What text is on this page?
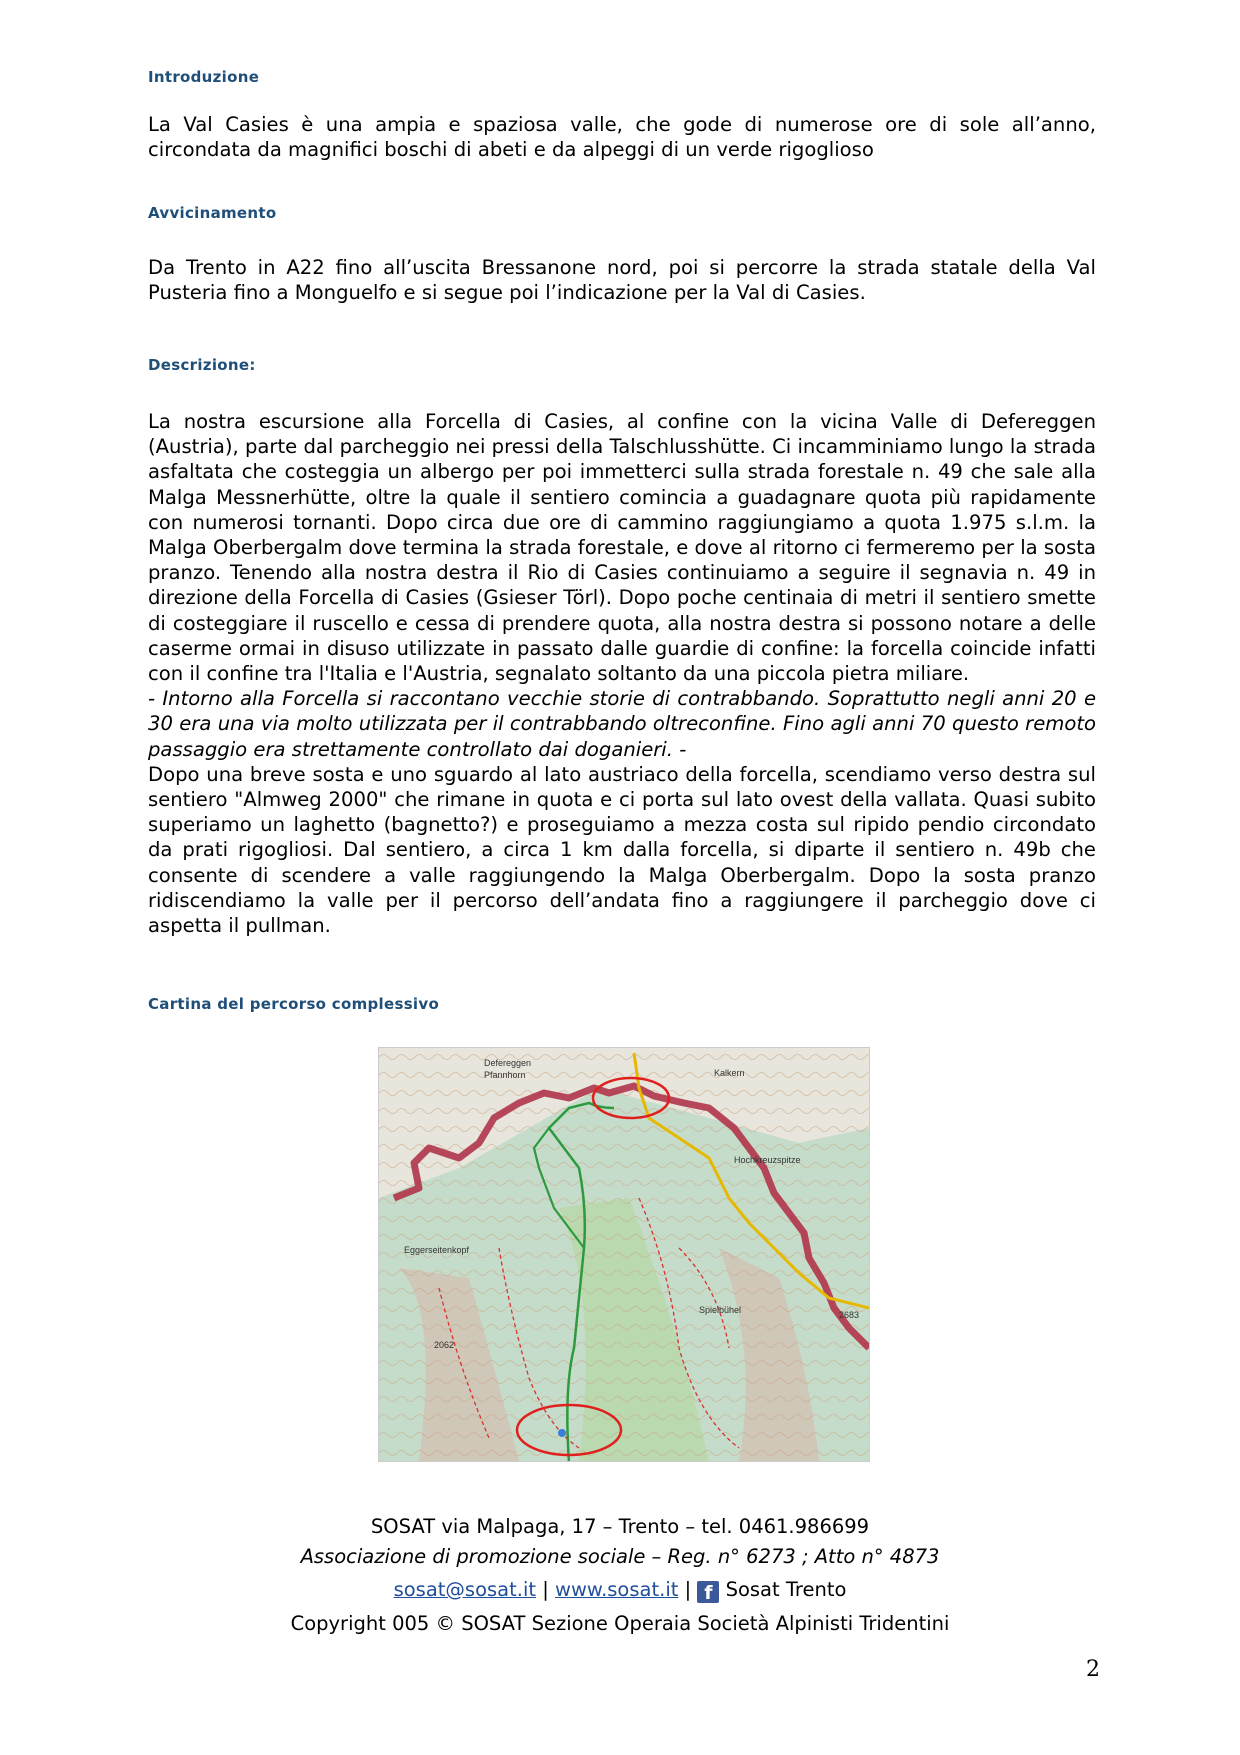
Introduzione

La Val Casies è una ampia e spaziosa valle, che gode di numerose ore di sole all’anno, circondata da magnifici boschi di abeti e da alpeggi di un verde rigoglioso

Avvicinamento

Da Trento in A22 fino all’uscita Bressanone nord, poi si percorre la strada statale della Val Pusteria fino a Monguelfo e si segue poi l’indicazione per la Val di Casies.

Descrizione:

La nostra escursione alla Forcella di Casies, al confine con la vicina Valle di Defereggen (Austria), parte dal parcheggio nei pressi della Talschlusshütte. Ci incamminiamo lungo la strada asfaltata che costeggia un albergo per poi immetterci sulla strada forestale n. 49 che sale alla Malga Messnerhütte, oltre la quale il sentiero comincia a guadagnare quota più rapidamente con numerosi tornanti. Dopo circa due ore di cammino raggiungiamo a quota 1.975 s.l.m. la Malga Oberbergalm dove termina la strada forestale, e dove al ritorno ci fermeremo per la sosta pranzo. Tenendo alla nostra destra il Rio di Casies continuiamo a seguire il segnavia n. 49 in direzione della Forcella di Casies (Gsieser Törl). Dopo poche centinaia di metri il sentiero smette di costeggiare il ruscello e cessa di prendere quota, alla nostra destra si possono notare a delle caserme ormai in disuso utilizzate in passato dalle guardie di confine: la forcella coincide infatti con il confine tra l'Italia e l'Austria, segnalato soltanto da una piccola pietra miliare.

- Intorno alla Forcella si raccontano vecchie storie di contrabbando. Soprattutto negli anni 20 e 30 era una via molto utilizzata per il contrabbando oltreconfine. Fino agli anni 70 questo remoto passaggio era strettamente controllato dai doganieri. -

Dopo una breve sosta e uno sguardo al lato austriaco della forcella, scendiamo verso destra sul sentiero "Almweg 2000" che rimane in quota e ci porta sul lato ovest della vallata. Quasi subito superiamo un laghetto (bagnetto?) e proseguiamo a mezza costa sul ripido pendio circondato da prati rigogliosi. Dal sentiero, a circa 1 km dalla forcella, si diparte il sentiero n. 49b che consente di scendere a valle raggiungendo la Malga Oberbergalm. Dopo la sosta pranzo ridiscendiamo la valle per il percorso dell’andata fino a raggiungere il parcheggio dove ci aspetta il pullman.

Cartina del percorso complessivo
Defereggen
Pfannhorn	Kalkern
Hochkreuzspitze
Eggerseitenkopf
Spielbühel	2683
2062
SOSAT via Malpaga, 17 – Trento – tel. 0461.986699
Associazione di promozione sociale – Reg. n° 6273 ; Atto n° 4873
sosat@sosat.it | www.sosat.it | f Sosat Trento
Copyright 005 © SOSAT Sezione Operaia Società Alpinisti Tridentini
2
